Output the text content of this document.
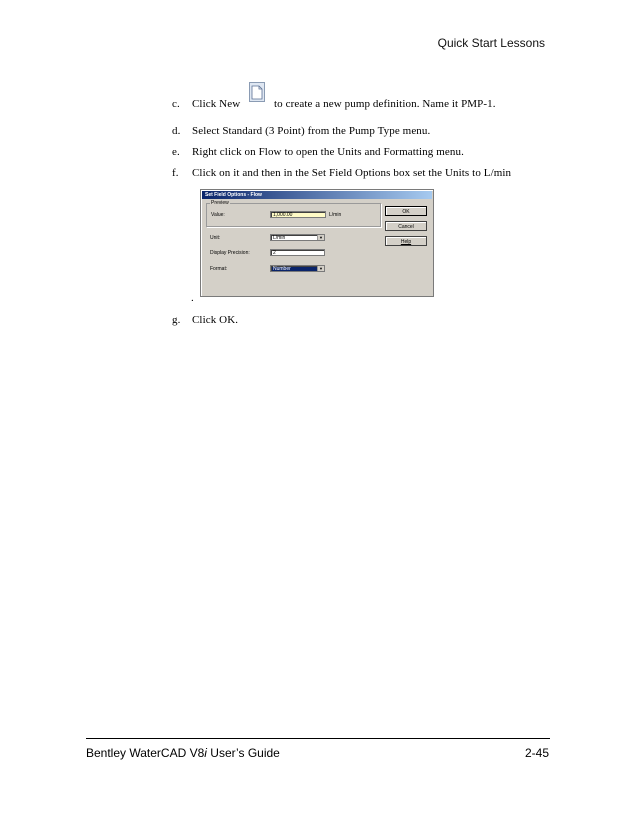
Quick Start Lessons
c. Click New	to create a new pump definition. Name it PMP-1.
d. Select Standard (3 Point) from the Pump Type menu.
e. Right click on Flow to open the Units and Formatting menu.
f. Click on it and then in the Set Field Options box set the Units to L/min
Set Field Options - Flow
Preview
Value:	1,000.00	L/min
Unit:	L/min	▼
Display Precision:	2
Format:	Number	▼
OK
Cancel
Help
.
g. Click OK.
Bentley WaterCAD V8i User’s Guide	2-45
